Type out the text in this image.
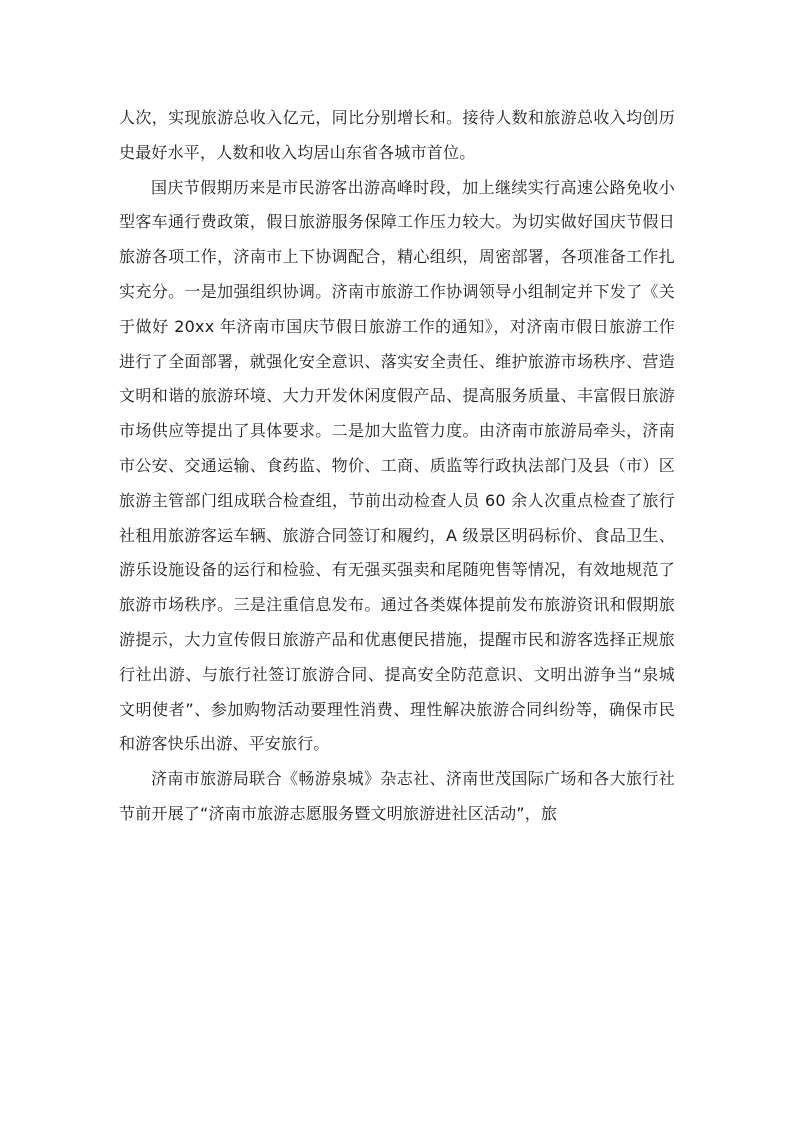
人次，实现旅游总收入亿元，同比分别增长和。接待人数和旅游总收入均创历史最好水平，人数和收入均居山东省各城市首位。

国庆节假期历来是市民游客出游高峰时段，加上继续实行高速公路免收小型客车通行费政策，假日旅游服务保障工作压力较大。为切实做好国庆节假日旅游各项工作，济南市上下协调配合，精心组织，周密部署，各项准备工作扎实充分。一是加强组织协调。济南市旅游工作协调领导小组制定并下发了《关于做好 20xx 年济南市国庆节假日旅游工作的通知》，对济南市假日旅游工作进行了全面部署，就强化安全意识、落实安全责任、维护旅游市场秩序、营造文明和谐的旅游环境、大力开发休闲度假产品、提高服务质量、丰富假日旅游市场供应等提出了具体要求。二是加大监管力度。由济南市旅游局牵头，济南市公安、交通运输、食药监、物价、工商、质监等行政执法部门及县（市）区旅游主管部门组成联合检查组，节前出动检查人员 60 余人次重点检查了旅行社租用旅游客运车辆、旅游合同签订和履约，A 级景区明码标价、食品卫生、游乐设施设备的运行和检验、有无强买强卖和尾随兜售等情况，有效地规范了旅游市场秩序。三是注重信息发布。通过各类媒体提前发布旅游资讯和假期旅游提示，大力宣传假日旅游产品和优惠便民措施，提醒市民和游客选择正规旅行社出游、与旅行社签订旅游合同、提高安全防范意识、文明出游争当“泉城文明使者”、参加购物活动要理性消费、理性解决旅游合同纠纷等，确保市民和游客快乐出游、平安旅行。

济南市旅游局联合《畅游泉城》杂志社、济南世茂国际广场和各大旅行社节前开展了“济南市旅游志愿服务暨文明旅游进社区活动”，旅
